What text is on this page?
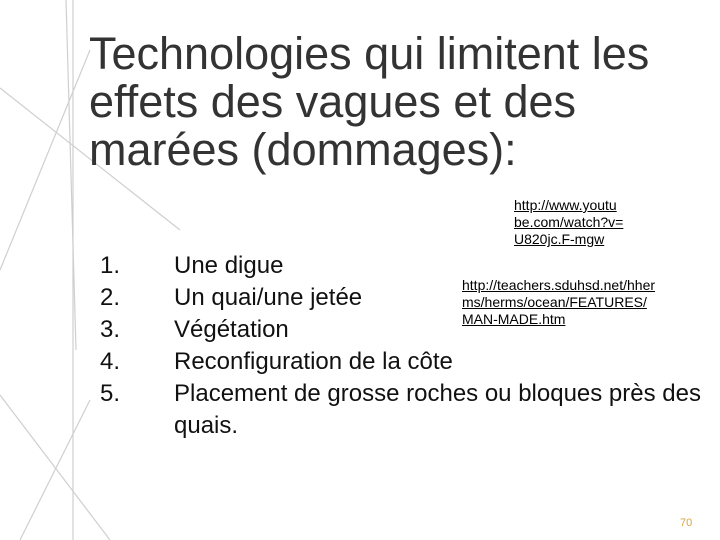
Technologies qui limitent les effets des vagues et des marées (dommages):
http://www.youtu
be.com/watch?v=
U820jc.F-mgw
http://teachers.sduhsd.net/hher
ms/herms/ocean/FEATURES/
MAN-MADE.htm
1.	Une digue
2.	Un quai/une jetée
3.	Végétation
4.	Reconfiguration de la côte
5.	Placement de grosse roches ou bloques près des quais.
70
